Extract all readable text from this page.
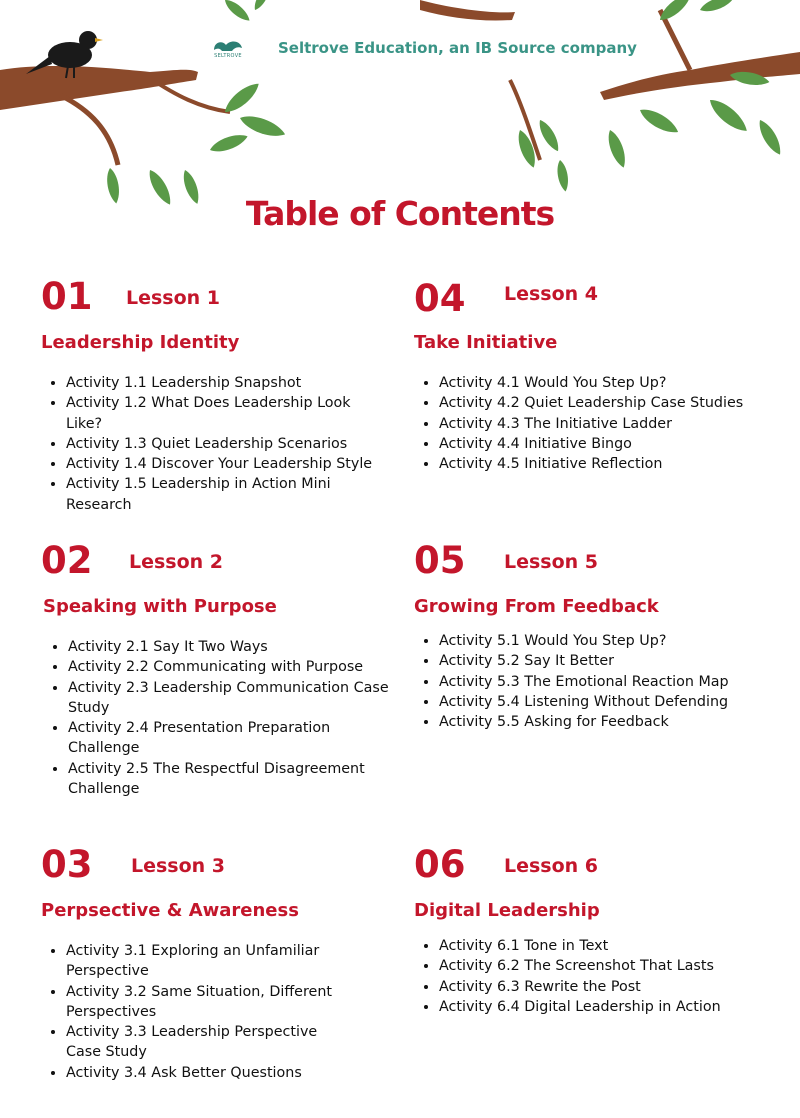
SELTROVE	Seltrove Education, an IB Source company
Table of Contents
01 Lesson 1
Leadership Identity
• Activity 1.1 Leadership Snapshot
• Activity 1.2 What Does Leadership Look Like?
• Activity 1.3 Quiet Leadership Scenarios
• Activity 1.4 Discover Your Leadership Style
• Activity 1.5 Leadership in Action Mini Research
02 Lesson 2
Speaking with Purpose
• Activity 2.1 Say It Two Ways
• Activity 2.2 Communicating with Purpose
• Activity 2.3 Leadership Communication Case Study
• Activity 2.4 Presentation Preparation Challenge
• Activity 2.5 The Respectful Disagreement Challenge
03 Lesson 3
Perpsective & Awareness
• Activity 3.1 Exploring an Unfamiliar Perspective
• Activity 3.2 Same Situation, Different Perspectives
• Activity 3.3 Leadership Perspective Case Study
• Activity 3.4 Ask Better Questions
04 Lesson 4
Take Initiative
• Activity 4.1 Would You Step Up?
• Activity 4.2 Quiet Leadership Case Studies
• Activity 4.3 The Initiative Ladder
• Activity 4.4 Initiative Bingo
• Activity 4.5 Initiative Reflection
05 Lesson 5
Growing From Feedback
• Activity 5.1 Would You Step Up?
• Activity 5.2 Say It Better
• Activity 5.3 The Emotional Reaction Map
• Activity 5.4 Listening Without Defending
• Activity 5.5 Asking for Feedback
06 Lesson 6
Digital Leadership
• Activity 6.1 Tone in Text
• Activity 6.2 The Screenshot That Lasts
• Activity 6.3 Rewrite the Post
• Activity 6.4 Digital Leadership in Action
